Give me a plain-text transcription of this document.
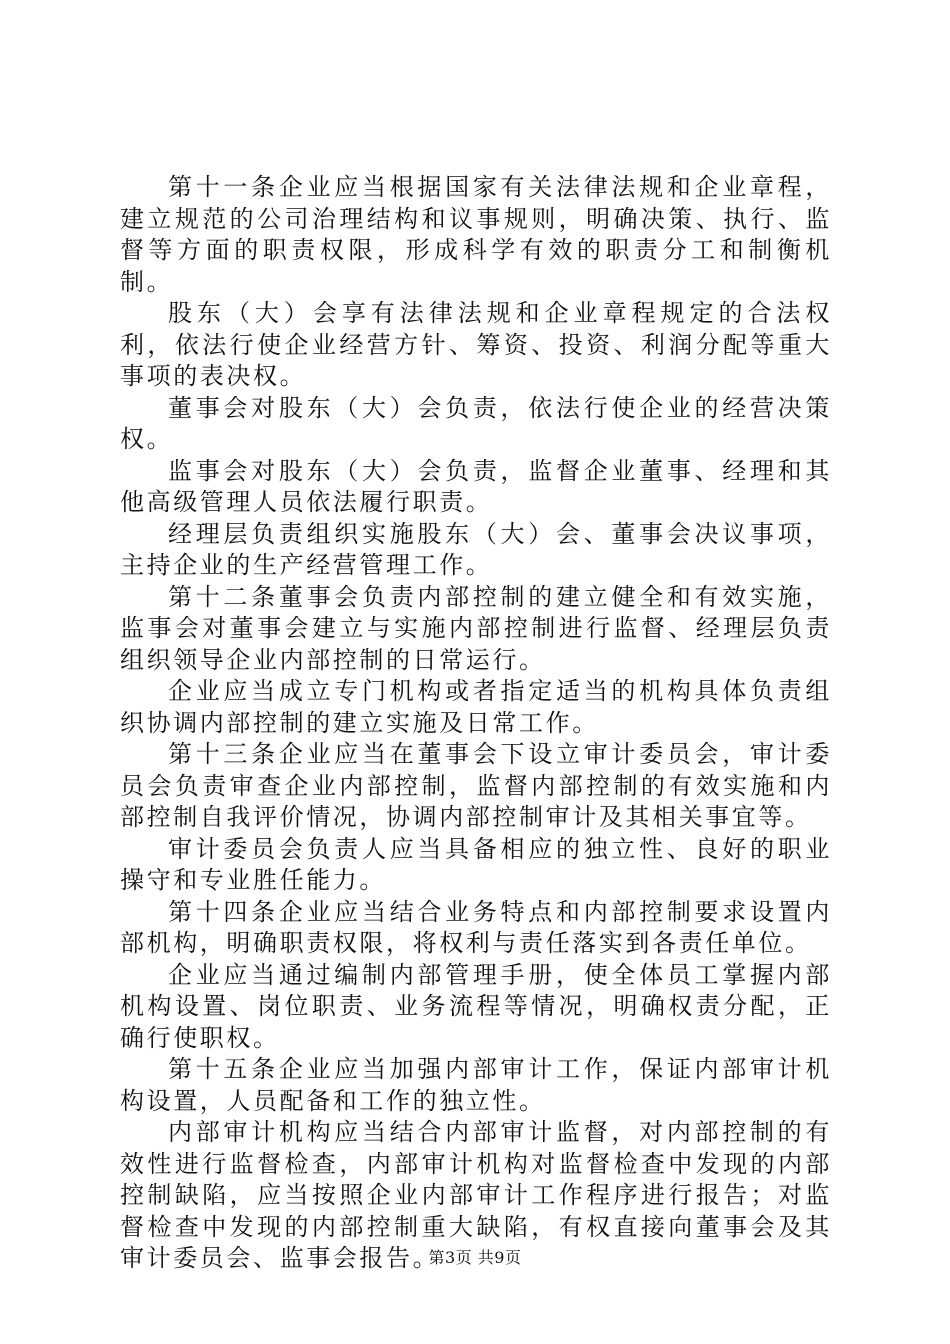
第十一条企业应当根据国家有关法律法规和企业章程，建立规范的公司治理结构和议事规则，明确决策、执行、监督等方面的职责权限，形成科学有效的职责分工和制衡机制。

股东（大）会享有法律法规和企业章程规定的合法权利，依法行使企业经营方针、筹资、投资、利润分配等重大事项的表决权。

董事会对股东（大）会负责，依法行使企业的经营决策权。

监事会对股东（大）会负责，监督企业董事、经理和其他高级管理人员依法履行职责。

经理层负责组织实施股东（大）会、董事会决议事项，主持企业的生产经营管理工作。

第十二条董事会负责内部控制的建立健全和有效实施，监事会对董事会建立与实施内部控制进行监督、经理层负责组织领导企业内部控制的日常运行。

企业应当成立专门机构或者指定适当的机构具体负责组织协调内部控制的建立实施及日常工作。

第十三条企业应当在董事会下设立审计委员会，审计委员会负责审查企业内部控制，监督内部控制的有效实施和内部控制自我评价情况，协调内部控制审计及其相关事宜等。

审计委员会负责人应当具备相应的独立性、良好的职业操守和专业胜任能力。

第十四条企业应当结合业务特点和内部控制要求设置内部机构，明确职责权限，将权利与责任落实到各责任单位。

企业应当通过编制内部管理手册，使全体员工掌握内部机构设置、岗位职责、业务流程等情况，明确权责分配，正确行使职权。

第十五条企业应当加强内部审计工作，保证内部审计机构设置，人员配备和工作的独立性。

内部审计机构应当结合内部审计监督，对内部控制的有效性进行监督检查，内部审计机构对监督检查中发现的内部控制缺陷，应当按照企业内部审计工作程序进行报告；对监督检查中发现的内部控制重大缺陷，有权直接向董事会及其审计委员会、监事会报告。

第3页 共9页
